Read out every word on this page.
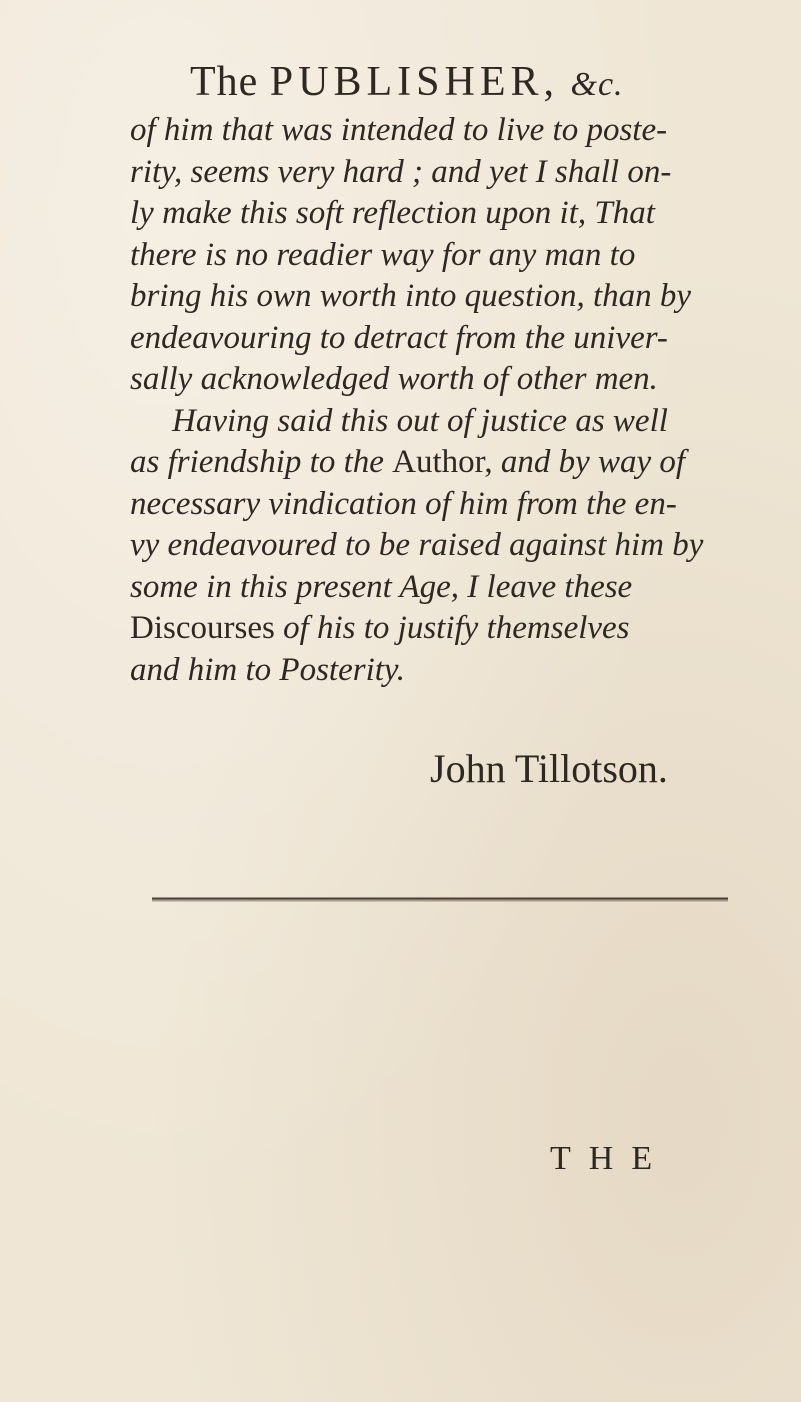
The PUBLISHER, &c.
of him that was intended to live to poste-
rity, seems very hard ; and yet I shall on-
ly make this soft reflection upon it, That
there is no readier way for any man to
bring his own worth into question, than by
endeavouring to detract from the univer-
sally acknowledged worth of other men.
Having said this out of justice as well
as friendship to the Author, and by way of
necessary vindication of him from the en-
vy endeavoured to be raised against him by
some in this present Age, I leave these
Discourses of his to justify themselves
and him to Posterity.
John Tillotson.
THE
